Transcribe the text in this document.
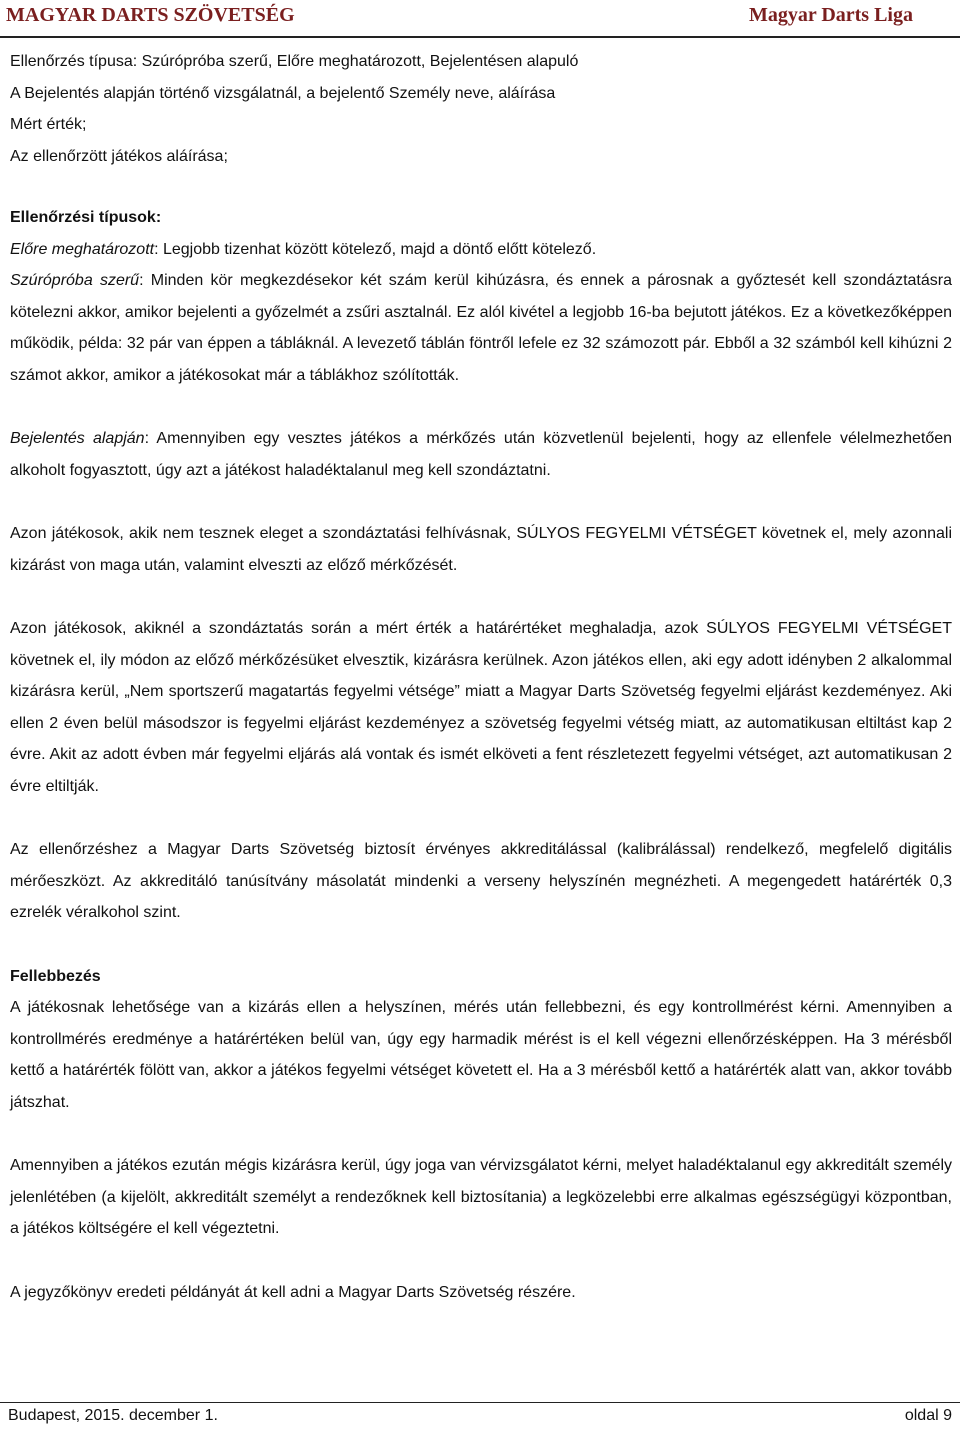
MAGYAR DARTS SZÖVETSÉG	Magyar Darts Liga

Ellenőrzés típusa: Szúrópróba szerű, Előre meghatározott, Bejelentésen alapuló

A Bejelentés alapján történő vizsgálatnál, a bejelentő Személy neve, aláírása

Mért érték;

Az ellenőrzött játékos aláírása;

Ellenőrzési típusok:

Előre meghatározott: Legjobb tizenhat között kötelező, majd a döntő előtt kötelező.

Szúrópróba szerű: Minden kör megkezdésekor két szám kerül kihúzásra, és ennek a párosnak a győztesét kell szondáztatásra kötelezni akkor, amikor bejelenti a győzelmét a zsűri asztalnál. Ez alól kivétel a legjobb 16-ba bejutott játékos. Ez a következőképpen működik, példa: 32 pár van éppen a tábláknál. A levezető táblán föntről lefele ez 32 számozott pár. Ebből a 32 számból kell kihúzni 2 számot akkor, amikor a játékosokat már a táblákhoz szólították.

Bejelentés alapján: Amennyiben egy vesztes játékos a mérkőzés után közvetlenül bejelenti, hogy az ellenfele vélelmezhetően alkoholt fogyasztott, úgy azt a játékost haladéktalanul meg kell szondáztatni.

Azon játékosok, akik nem tesznek eleget a szondáztatási felhívásnak, SÚLYOS FEGYELMI VÉTSÉGET követnek el, mely azonnali kizárást von maga után, valamint elveszti az előző mérkőzését.

Azon játékosok, akiknél a szondáztatás során a mért érték a határértéket meghaladja, azok SÚLYOS FEGYELMI VÉTSÉGET követnek el, ily módon az előző mérkőzésüket elvesztik, kizárásra kerülnek. Azon játékos ellen, aki egy adott idényben 2 alkalommal kizárásra kerül, „Nem sportszerű magatartás fegyelmi vétsége” miatt a Magyar Darts Szövetség fegyelmi eljárást kezdeményez. Aki ellen 2 éven belül másodszor is fegyelmi eljárást kezdeményez a szövetség fegyelmi vétség miatt, az automatikusan eltiltást kap 2 évre. Akit az adott évben már fegyelmi eljárás alá vontak és ismét elköveti a fent részletezett fegyelmi vétséget, azt automatikusan 2 évre eltiltják.

Az ellenőrzéshez a Magyar Darts Szövetség biztosít érvényes akkreditálással (kalibrálással) rendelkező, megfelelő digitális mérőeszközt. Az akkreditáló tanúsítvány másolatát mindenki a verseny helyszínén megnézheti. A megengedett határérték 0,3 ezrelék véralkohol szint.

Fellebbezés

A játékosnak lehetősége van a kizárás ellen a helyszínen, mérés után fellebbezni, és egy kontrollmérést kérni. Amennyiben a kontrollmérés eredménye a határértéken belül van, úgy egy harmadik mérést is el kell végezni ellenőrzésképpen. Ha 3 mérésből kettő a határérték fölött van, akkor a játékos fegyelmi vétséget követett el. Ha a 3 mérésből kettő a határérték alatt van, akkor tovább játszhat.

Amennyiben a játékos ezután mégis kizárásra kerül, úgy joga van vérvizsgálatot kérni, melyet haladéktalanul egy akkreditált személy jelenlétében (a kijelölt, akkreditált személyt a rendezőknek kell biztosítania) a legközelebbi erre alkalmas egészségügyi központban, a játékos költségére el kell végeztetni.

A jegyzőkönyv eredeti példányát át kell adni a Magyar Darts Szövetség részére.

Budapest, 2015. december 1.	oldal 9
